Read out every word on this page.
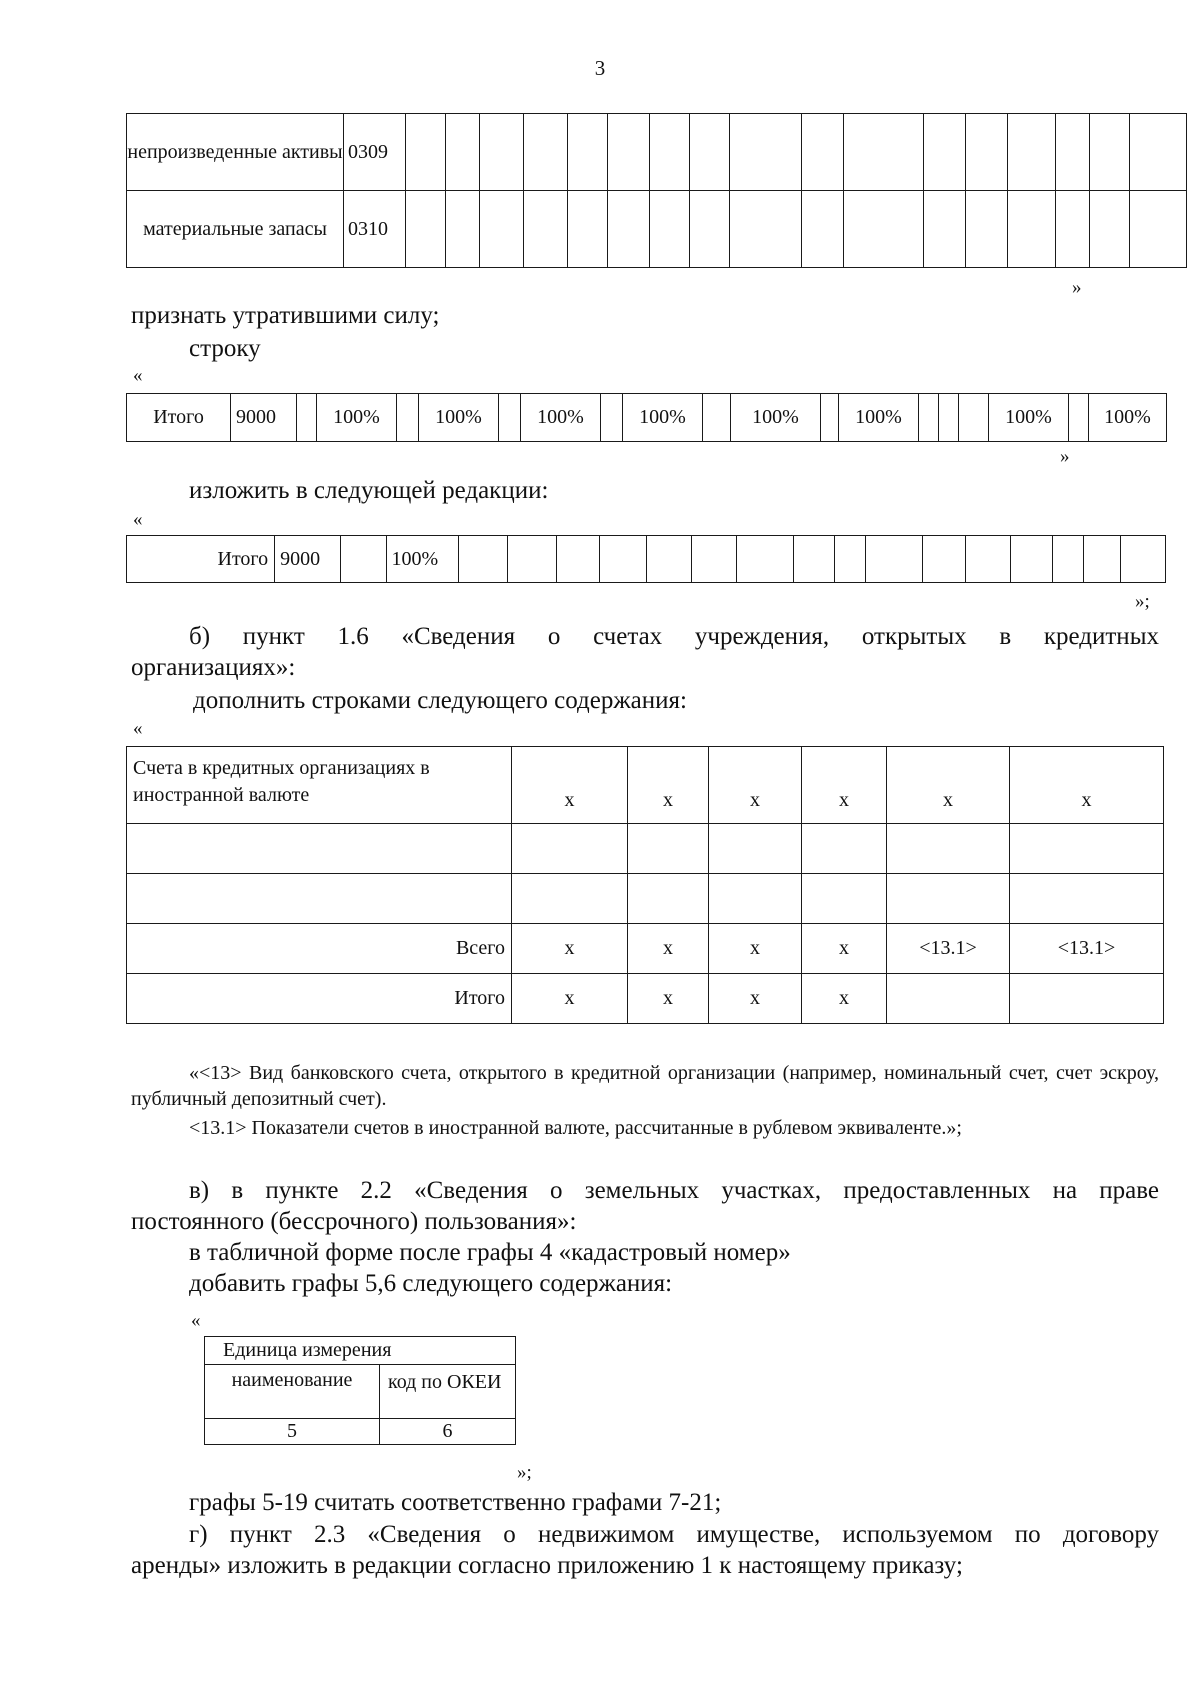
3
непроизведенные активы	0309																	
материальные запасы	0310																	
»
признать утратившими силу;
строку
«
Итого	9000		100%		100%		100%		100%		100%		100%				100%		100%
»
изложить в следующей редакции:
«
Итого	9000		100%																
»;
б) пункт 1.6 «Сведения о счетах учреждения, открытых в кредитных
организациях»:
дополнить строками следующего содержания:
«
Счета в кредитных организациях в иностранной валюте	х	х	х	х	х	х

Всего	х	х	х	х	<13.1>	<13.1>
Итого	х	х	х	х		
«<13> Вид банковского счета, открытого в кредитной организации (например, номинальный счет, счет эскроу, публичный депозитный счет).
<13.1> Показатели счетов в иностранной валюте, рассчитанные в рублевом эквиваленте.»;
в) в пункте 2.2 «Сведения о земельных участках, предоставленных на праве
постоянного (бессрочного) пользования»:
в табличной форме после графы 4 «кадастровый номер»
добавить графы 5,6 следующего содержания:
«
Единица измерения	
наименование	код по ОКЕИ
5	6
»;
графы 5-19 считать соответственно графами 7-21;
г) пункт 2.3 «Сведения о недвижимом имуществе, используемом по договору
аренды» изложить в редакции согласно приложению 1 к настоящему приказу;
